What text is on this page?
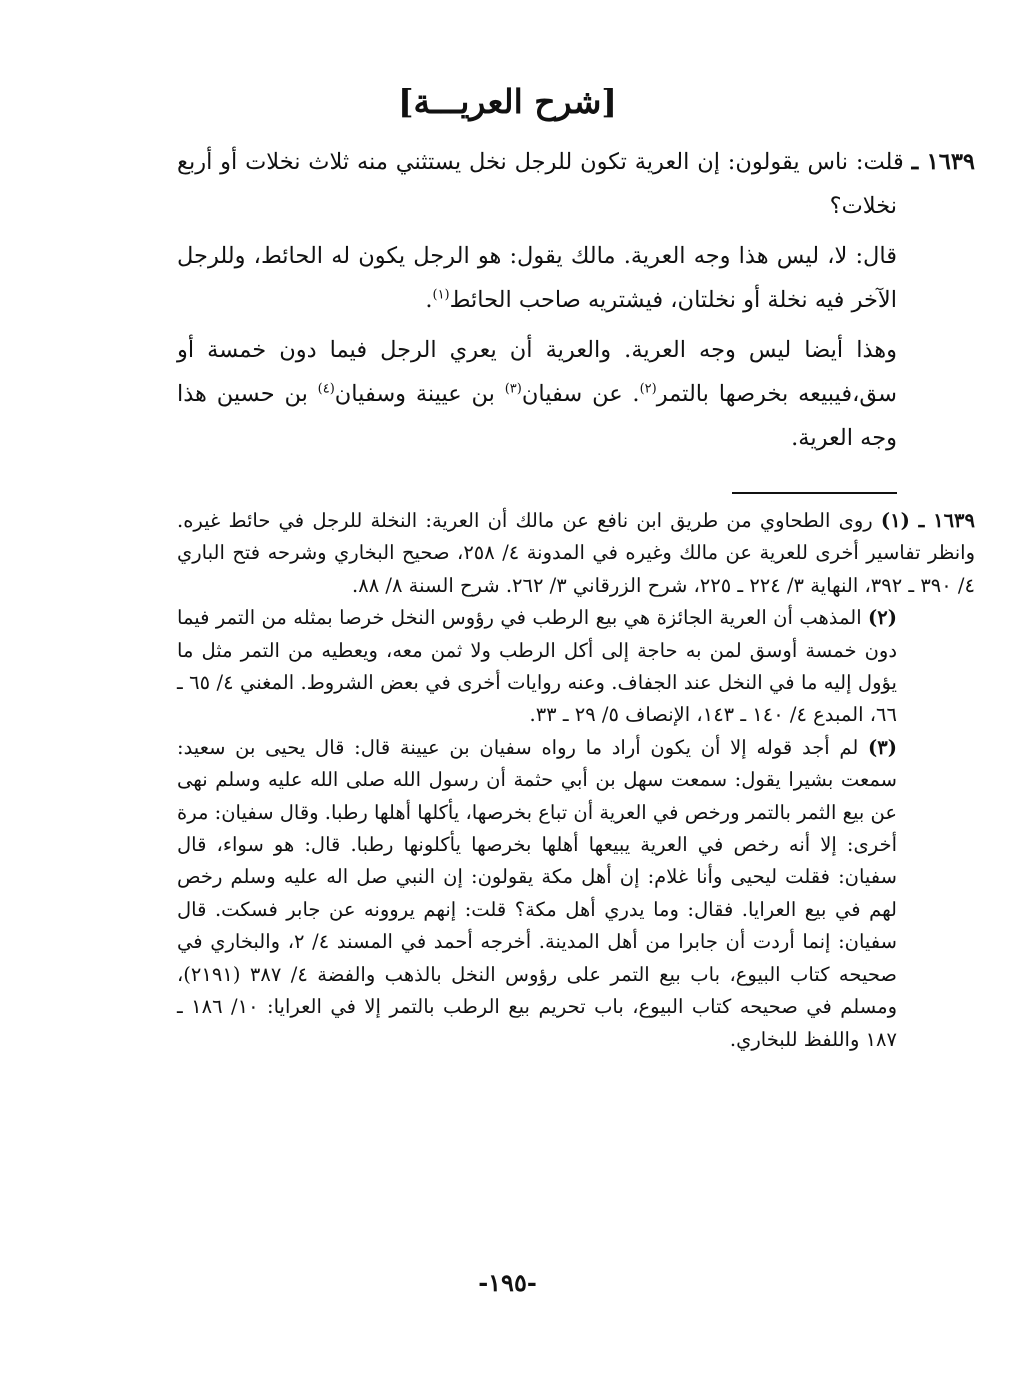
[شرح العريـــة]

١٦٣٩ ـ قلت: ناس يقولون: إن العرية تكون للرجل نخل يستثني منه ثلاث نخلات أو أربع نخلات؟

قال: لا، ليس هذا وجه العرية. مالك يقول: هو الرجل يكون له الحائط، وللرجل الآخر فيه نخلة أو نخلتان، فيشتريه صاحب الحائط$^{(١)}$.

وهذا أيضا ليس وجه العرية. والعرية أن يعري الرجل فيما دون خمسة أو سق،فيبيعه بخرصها بالتمر$^{(٢)}$. عن سفيان$^{(٣)}$ بن عيينة وسفيان$^{(٤)}$ بن حسين هذا وجه العرية.

١٦٣٩ ـ (١) روى الطحاوي من طريق ابن نافع عن مالك أن العرية: النخلة للرجل في حائط غيره. وانظر تفاسير أخرى للعرية عن مالك وغيره في المدونة ٤/ ٢٥٨، صحيح البخاري وشرحه فتح الباري ٤/ ٣٩٠ ـ ٣٩٢، النهاية ٣/ ٢٢٤ ـ ٢٢٥، شرح الزرقاني ٣/ ٢٦٢. شرح السنة ٨/ ٨٨.

(٢) المذهب أن العرية الجائزة هي بيع الرطب في رؤوس النخل خرصا بمثله من التمر فيما دون خمسة أوسق لمن به حاجة إلى أكل الرطب ولا ثمن معه، ويعطيه من التمر مثل ما يؤول إليه ما في النخل عند الجفاف. وعنه روايات أخرى في بعض الشروط. المغني ٤/ ٦٥ ـ ٦٦، المبدع ٤/ ١٤٠ ـ ١٤٣، الإنصاف ٥/ ٢٩ ـ ٣٣.

(٣) لم أجد قوله إلا أن يكون أراد ما رواه سفيان بن عيينة قال: قال يحيى بن سعيد: سمعت بشيرا يقول: سمعت سهل بن أبي حثمة أن رسول الله صلى الله عليه وسلم نهى عن بيع الثمر بالتمر ورخص في العرية أن تباع بخرصها، يأكلها أهلها رطبا. وقال سفيان: مرة أخرى: إلا أنه رخص في العرية يبيعها أهلها بخرصها يأكلونها رطبا. قال: هو سواء، قال سفيان: فقلت ليحيى وأنا غلام: إن أهل مكة يقولون: إن النبي صل اله عليه وسلم رخص لهم في بيع العرايا. فقال: وما يدري أهل مكة؟ قلت: إنهم يروونه عن جابر فسكت. قال سفيان: إنما أردت أن جابرا من أهل المدينة. أخرجه أحمد في المسند ٤/ ٢، والبخاري في صحيحه كتاب البيوع، باب بيع التمر على رؤوس النخل بالذهب والفضة ٤/ ٣٨٧ (٢١٩١)، ومسلم في صحيحه كتاب البيوع، باب تحريم بيع الرطب بالتمر إلا في العرايا: ١٠/ ١٨٦ ـ ١٨٧ واللفظ للبخاري.

-١٩٥-
